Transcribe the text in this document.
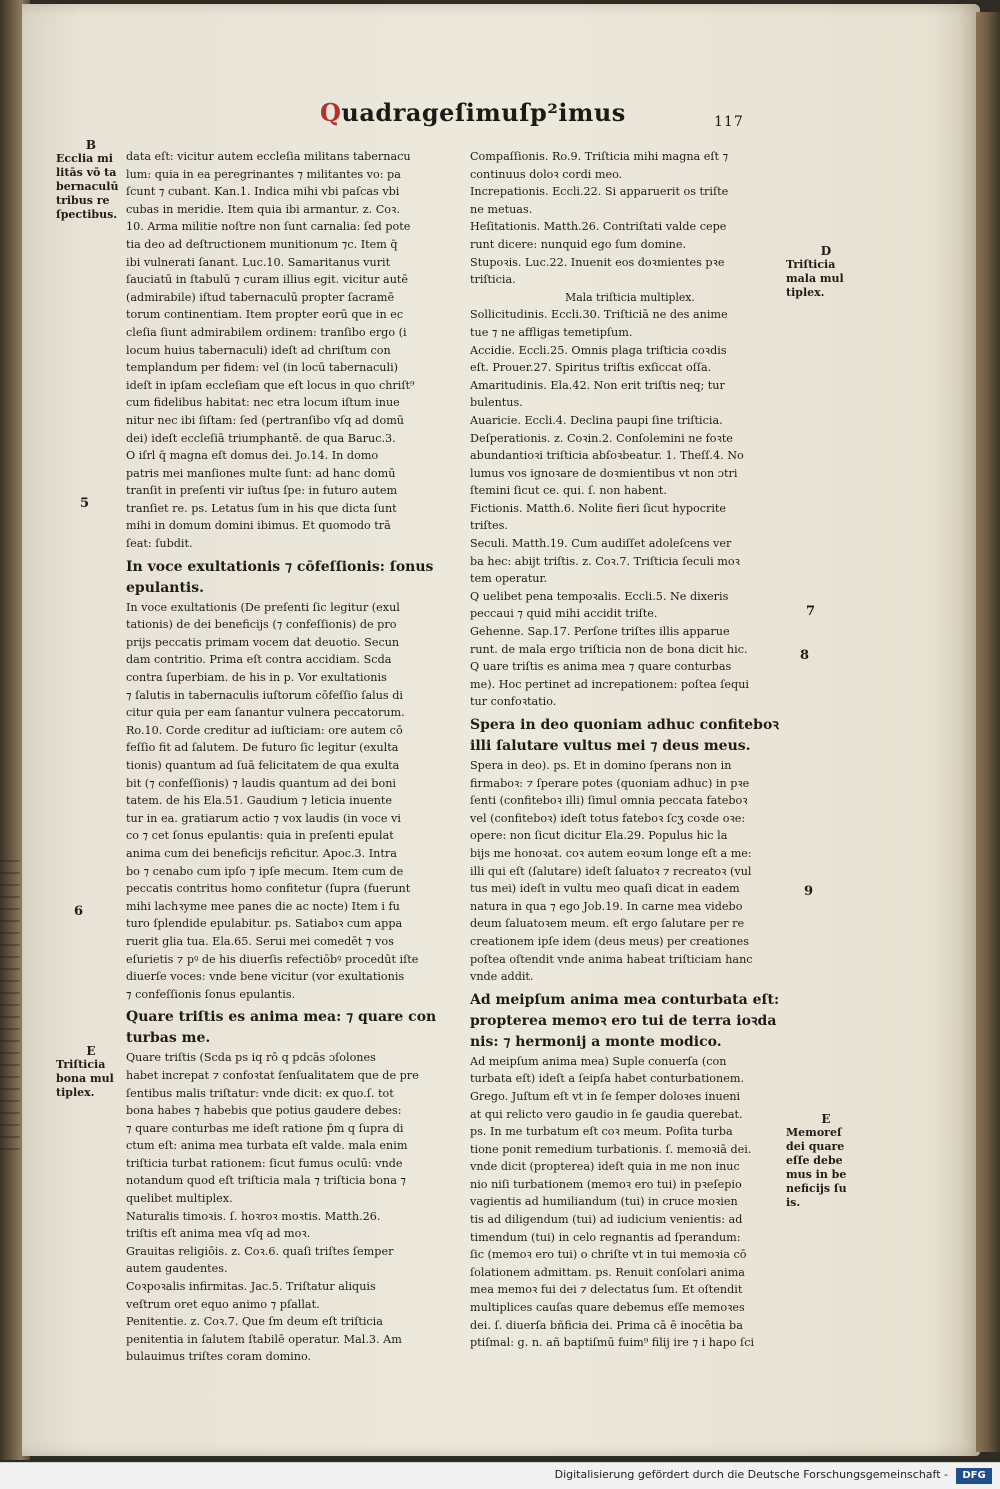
Quadrageſimuſp²imus	117
B
Ecclia mi
litās vō ta
bernaculū
tribus re
ſpectibus.
5
6
E
Triſticia
bona mul
tiplex.
D
Triſticia
mala mul
tiplex.
7
8
9
E
Memoreſ
dei quare
eſſe debe
mus in be
neficijs ſu
is.
data eſt: vicitur autem eccleſia militans tabernacu
lum: quia in ea peregrinantes ⁊ militantes vo: pa
ſcunt ⁊ cubant. Kan.1. Indica mihi vbi paſcas vbi
cubas in meridie. Item quia ibi armantur. z. Coꝛ.
10. Arma militie noſtre non ſunt carnalia: ſed pote
tia deo ad deſtructionem munitionum ⁊c. Item q̄
ibi vulnerati ſanant. Luc.10. Samaritanus vurit
ſauciatū in ſtabulū ⁊ curam illius egit. vicitur autē
(admirabile) iſtud tabernaculū propter ſacramē
torum continentiam. Item propter eorū que in ec
cleſia ſiunt admirabilem ordinem: tranſibo ergo (i
locum huius tabernaculi) ideſt ad chriſtum con
templandum per fidem: vel (in locū tabernaculi)
ideſt in ipſam eccleſiam que eſt locus in quo chriſt⁹
cum fidelibus habitat: nec etra locum iſtum inue
nitur nec ibi ſiſtam: ſed (pertranſibo vſq ad domū
dei) ideſt eccleſiā triumphantē. de qua Baruc.3.
O iſrl q̄ magna eſt domus dei. Jo.14. In domo
patris mei manſiones multe ſunt: ad hanc domū
tranſit in preſenti vir iuſtus ſpe: in futuro autem
tranſiet re. ps. Letatus ſum in his que dicta ſunt
mihi in domum domini ibimus. Et quomodo trā
ſeat: ſubdit.
In voce exultationis ⁊ cōfeſſionis: ſonus
epulantis.
In voce exultationis (De preſenti ſic legitur (exul
tationis) de dei beneficijs (⁊ confeſſionis) de pro
prijs peccatis primam vocem dat deuotio. Secun
dam contritio. Prima eſt contra accidiam. Scda
contra ſuperbiam. de his in p. Vor exultationis
⁊ ſalutis in tabernaculis iuſtorum cōfeſſio ſalus di
citur quia per eam ſanantur vulnera peccatorum.
Ro.10. Corde creditur ad iuſticiam: ore autem cō
feſſio fit ad ſalutem. De futuro ſic legitur (exulta
tionis) quantum ad ſuā felicitatem de qua exulta
bit (⁊ confeſſionis) ⁊ laudis quantum ad dei boni
tatem. de his Ela.51. Gaudium ⁊ leticia inuente
tur in ea. gratiarum actio ⁊ vox laudis (in voce vi
co ⁊ cet ſonus epulantis: quia in preſenti epulat
anima cum dei beneficijs reficitur. Apoc.3. Intra
bo ⁊ cenabo cum ipſo ⁊ ipſe mecum. Item cum de
peccatis contritus homo confitetur (ſupra (fuerunt
mihi lachꝛyme mee panes die ac nocte) Item i fu
turo ſplendide epulabitur. ps. Satiaboꝛ cum appa
ruerit glia tua. Ela.65. Serui mei comedēt ⁊ vos
eſurietis ⁊ pꝰ de his diuerſis refectiōbꝰ procedūt iſte
diuerſe voces: vnde bene vicitur (vor exultationis
⁊ confeſſionis ſonus epulantis.
Quare triſtis es anima mea: ⁊ quare con
turbas me.
Quare triſtis (Scda ps iq rō q pdcās ɔſolones
habet increpat ⁊ confoꝛtat ſenſualitatem que de pre
ſentibus malis triſtatur: vnde dicit: ex quo.ſ. tot
bona habes ⁊ habebis que potius gaudere debes:
⁊ quare conturbas me ideſt ratione p̄m q ſupra di
ctum eſt: anima mea turbata eſt valde. mala enim
triſticia turbat rationem: ſicut fumus oculū: vnde
notandum quod eſt triſticia mala ⁊ triſticia bona ⁊
quelibet multiplex.
Naturalis timoꝛis. ſ. hoꝛroꝛ moꝛtis. Matth.26.
triſtis eſt anima mea vſq ad moꝛ.
Grauitas religiōis. z. Coꝛ.6. quaſi triſtes ſemper
autem gaudentes.
Coꝛpoꝛalis infirmitas. Jac.5. Triſtatur aliquis
veſtrum oret equo animo ⁊ pſallat.
Penitentie. z. Coꝛ.7. Que ſm deum eſt triſticia
penitentia in ſalutem ſtabilē operatur. Mal.3. Am
bulauimus triſtes coram domino.
Compaſſionis. Ro.9. Triſticia mihi magna eſt ⁊
continuus doloꝛ cordi meo.
Increpationis. Eccli.22. Si apparuerit os triſte
ne metuas.
Heſitationis. Matth.26. Contriſtati valde cepe
runt dicere: nunquid ego ſum domine.
Stupoꝛis. Luc.22. Inuenit eos doꝛmientes pꝛe
triſticia.
Mala triſticia multiplex.
Sollicitudinis. Eccli.30. Triſticiā ne des anime
tue ⁊ ne affligas temetipſum.
Accidie. Eccli.25. Omnis plaga triſticia coꝛdis
eſt. Prouer.27. Spiritus triſtis exſiccat oſſa.
Amaritudinis. Ela.42. Non erit triſtis neq; tur
bulentus.
Auaricie. Eccli.4. Declina paupi ſine triſticia.
Deſperationis. z. Coꝛin.2. Conſolemini ne foꝛte
abundantioꝛi triſticia abſoꝛbeatur. 1. Theſſ.4. No
lumus vos ignoꝛare de doꝛmientibus vt non ɔtri
ſtemini ſicut ce. qui. ſ. non habent.
Fictionis. Matth.6. Nolite fieri ſicut hypocrite
triſtes.
Seculi. Matth.19. Cum audiſſet adoleſcens ver
ba hec: abijt triſtis. z. Coꝛ.7. Triſticia ſeculi moꝛ
tem operatur.
Q uelibet pena tempoꝛalis. Eccli.5. Ne dixeris
peccaui ⁊ quid mihi accidit triſte.
Gehenne. Sap.17. Perſone triſtes illis apparue
runt. de mala ergo triſticia non de bona dicit hic.
Q uare triſtis es anima mea ⁊ quare conturbas
me). Hoc pertinet ad increpationem: poſtea ſequi
tur confoꝛtatio.
Spera in deo quoniam adhuc confiteboꝛ
illi ſalutare vultus mei ⁊ deus meus.
Spera in deo). ps. Et in domino ſperans non in
firmaboꝛ: ⁊ ſperare potes (quoniam adhuc) in pꝛe
ſenti (confiteboꝛ illi) ſimul omnia peccata fateboꝛ
vel (confiteboꝛ) ideſt totus fateboꝛ ſcʒ coꝛde oꝛe:
opere: non ſicut dicitur Ela.29. Populus hic la
bijs me honoꝛat. coꝛ autem eoꝛum longe eſt a me:
illi qui eſt (ſalutare) ideſt ſaluatoꝛ ⁊ recreatoꝛ (vul
tus mei) ideſt in vultu meo quaſi dicat in eadem
natura in qua ⁊ ego Job.19. In carne mea videbo
deum ſaluatoꝛem meum. eſt ergo ſalutare per re
creationem ipſe idem (deus meus) per creationes
poſtea oſtendit vnde anima habeat triſticiam hanc
vnde addit.
Ad meipſum anima mea conturbata eſt:
propterea memoꝛ ero tui de terra ioꝛda
nis: ⁊ hermonij a monte modico.
Ad meipſum anima mea) Suple conuerſa (con
turbata eſt) ideſt a ſeipſa habet conturbationem.
Grego. Juſtum eſt vt in ſe ſemper doloꝛes inueni
at qui relicto vero gaudio in ſe gaudia querebat.
ps. In me turbatum eſt coꝛ meum. Poſita turba
tione ponit remedium turbationis. ſ. memoꝛiā dei.
vnde dicit (propterea) ideſt quia in me non inuc
nio niſi turbationem (memoꝛ ero tui) in pꝛeſepio
vagientis ad humiliandum (tui) in cruce moꝛien
tis ad diligendum (tui) ad iudicium venientis: ad
timendum (tui) in celo regnantis ad ſperandum:
ſic (memoꝛ ero tui) o chriſte vt in tui memoꝛia cō
ſolationem admittam. ps. Renuit conſolari anima
mea memoꝛ fui dei ⁊ delectatus ſum. Et oſtendit
multiplices cauſas quare debemus eſſe memoꝛes
dei. ſ. diuerſa bñficia dei. Prima cā ē inocētia ba
ptiſmal: g. n. añ baptiſmū fuim⁹ filij ire ⁊ i hapo ſci
Digitalisierung gefördert durch die Deutsche Forschungsgemeinschaft -	DFG
